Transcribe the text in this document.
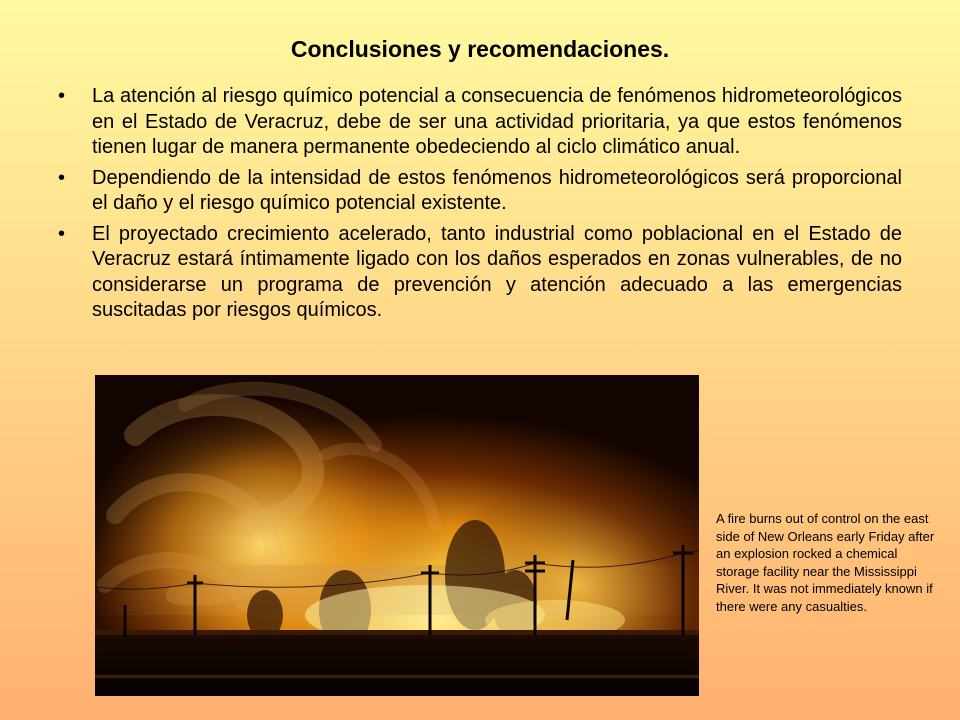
Conclusiones y recomendaciones.
• La atención al riesgo químico potencial a consecuencia de fenómenos hidrometeorológicos en el Estado de Veracruz, debe de ser una actividad prioritaria, ya que estos fenómenos tienen lugar de manera permanente obedeciendo al ciclo climático anual.
• Dependiendo de la intensidad de estos fenómenos hidrometeorológicos será proporcional el daño y el riesgo químico potencial existente.
• El proyectado crecimiento acelerado, tanto industrial como poblacional en el Estado de Veracruz estará íntimamente ligado con los daños esperados en zonas vulnerables, de no considerarse un programa de prevención y atención adecuado a las emergencias suscitadas por riesgos químicos.
A fire burns out of control on the east side of New Orleans early Friday after an explosion rocked a chemical storage facility near the Mississippi River. It was not immediately known if there were any casualties.
